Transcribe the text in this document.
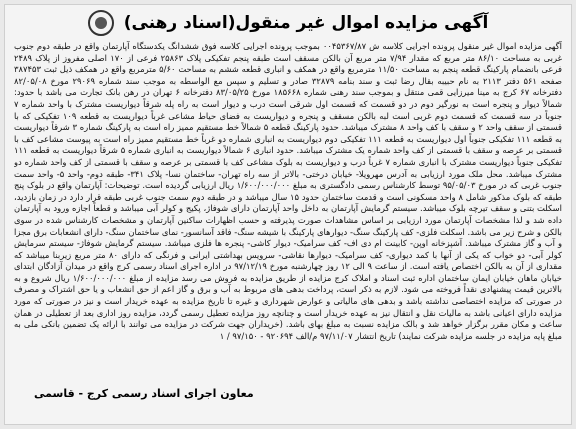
آگهی مزایده اموال غیر منقول(اسناد رهنی)
آگهی مزایده اموال غیر منقول پرونده اجرایی کلاسه ش ۰۰۴۵۳۶۷/۸۷ بموجب پرونده اجرایی کلاسه فوق ششدانگ یکدستگاه آپارتمان واقع در طبقه دوم جنوب غربی به مساحت ۸۶/۱۰ متر مربع که مقدار ۷/۹۴ متر مربع آن بالکن مسقف است طبقه پنجم تفکیکی پلاک ۲۵۸۶۳ فرعی از ۱۷۰ اصلی مفروز از پلاک ۲۴۸۹ فرعی بانضمام پارکینگ قطعه پنجم به مساحت ۱۱/۵۰ مترمربع واقع در همکف و انباری قطعه ششم به مساحت ۵/۶۰ مترمربع واقع در همکف ذیل ثبت ۳۸۷۴۵۳ صفحه ۵۶۱ دفتر ۲۱۱۳ به نام حبیبه بقال رضا ثبت و سند بنامه ۳۲۸۷۹ صادر و تسلیم و سپس مع الواسطه به موجب سند شماره ۲۹۰۶۹ مورخ ۸۲/۰۵/۰۸ دفترخانه ۶۷ کرج به مینا میرزایی قمی منتقل و بموجب سند رهنی شماره ۱۸۵۶۶۸ مورخ ۸۳/۰۵/۲۵ دفترخانه ۶ تهران در رهن بانک تجارت می باشد با حدود: شمالاً دیوار و پنجره است به نورگیر دوم در دو قسمت که قسمت اول شرقی است درب و دیوار است به راه پله شرقاً دیواریست مشترک با واحد شماره ۷ جنوباً در سه قسمت که قسمت دوم غربی است لبه بالکن مسقف و پنجره و دیواریست به فضای حیاط مشاعی غرباً دیواریست به قطعه ۱۰۹ تفکیکی که با قسمتی از سقف واحد ۲ و سقف با کف واحد ۸ مشترک میباشد. حدود پارکینگ قطعه ۵ شمالاً خط مستقیم ممیز راه است به پارکینگ شماره ۳ شرقاً دیواریست به قطعه ۱۱۱ تفکیکی جنوباً اول دیواریست به قطعه ۱۱۱ تفکیکی دوم دیواریست به انباری شماره دو غرباً خط مستقیم ممیز راه است به پیوست مشاعی کف با قسمتی بر عرصه و سقف با قسمتی از کف واحد شماره یک مشترک میباشد. حدود انباری ۶ شمالاً دیواریست به انباری شماره ۵ شرقاً دیواریست به قطعه ۱۱۱ تفکیکی جنوباً دیواریست مشترک با انباری شماره ۷ غرباً درب و دیواریست به بلوک مشاعی کف با قسمتی بر عرصه و سقف با قسمتی از کف واحد شماره دو مشترک میباشد. محل ملک مورد ارزیابی به آدرس مهرویلا- خیابان درختی- بالاتر از سه راه تهران- ساختمان نسا- پلاک ۳۴۱- طبقه دوم- واحد ۵- واحد سمت جنوب غربی که در مورخ ۹۵/۰۵/۰۳ توسط کارشناس رسمی دادگستری به مبلغ ۱/۶۰۰/۰۰۰/۰۰۰ ریال ارزیابی گردیده است. توضیحات: آپارتمان واقع در بلوک پنج طبقه که بلوک مذکور شامل ۸ واحد مسکونی است و قدمت ساختمان حدود ۱۵ سال میباشد و در طبقه دوم سمت جنوب غربی طبقه قرار دارد در زمان بازدید، اسکلت بتنی و سقف تیرچه بلوک میباشد. سیستم گرمایش آپارتمان به داخل واحد آپارتمان دارای شوفاژ، پکیج و کولر آبی میباشد و قطعاً اجازه ورود به آپارتمان داده شد و لذا مشخصات آپارتمان مورد ارزیابی بر اساس مشاهدات صورت پذیرفته و حسب اظهارات ساکنین آپارتمان و مشخصات کارشناس شده در سوی بالکن و شرح زیر می باشد. اسکلت فلزی- کف پارکینگ سنگ- دیوارهای پارکینگ با شیشه سنگ- فاقد آسانسور- نمای ساختمان سنگ- دارای انشعابات برق مجزا و آب و گاز مشترک میباشد. آشپزخانه اوپن- کابینت ام دی اف- کف سرامیک- دیوار کاشی- پنجره ها فلزی میباشد. سیستم گرمایش شوفاژ- سیستم سرمایش کولر آبی- دو خواب که یکی از آنها با کمد دیواری- کف سرامیک- دیوارها نقاشی- سرویس بهداشتی ایرانی و فرنگی که دارای ۸۰ متر مربع زیربنا میباشد که مقداری از آن به بالکن اختصاص یافته است. از ساعت ۹ الی ۱۲ روز چهارشنبه مورخ ۹۷/۱۲/۱۹ در اداره اجرای اسناد رسمی کرج واقع در میدان آزادگان ابتدای خیابان ماهان خیابان ایمان ساختمان اداره ثبت اسناد و املاک کرج مزایده از طریق مزایده به فروش می رسد مزایده از مبلغ ۱/۶۰۰/۰۰۰/۰۰۰ ریال شروع و به بالاترین قیمت پیشنهادی نقداً فروخته می شود. لازم به ذکر است، پرداخت بدهی های مربوط به آب و برق و گاز اعم از حق انشعاب و یا حق اشتراک و مصرف در صورتی که مزایده اختصاصی نداشته باشد و بدهی های مالیاتی و عوارض شهرداری و غیره تا تاریخ مزایده به عهده خریدار است و نیز در صورتی که مورد مزایده دارای اعیانی باشد به مالیات نقل و انتقال نیز به عهده خریدار است و چنانچه روز مزایده تعطیل رسمی گردد، مزایده روز اداری بعد از تعطیلی در همان ساعت و مکان مقرر برگزار خواهد شد و بالک مزایده نسبت به مبلغ بهای باشد. (خریداران جهت شرکت در مزایده می توانند با ارائه یک تضمین بانکی ملی به مبلغ پایه مزایده در جلسه مزایده شرکت نمایند) تاریخ انتشار ۹۷/۱۱/۰۷ م/الف ۹۲۰۶۹۴ - ۹۷/۱۵۰ / ۱
معاون اجرای اسناد رسمی کرج - قاسمی
